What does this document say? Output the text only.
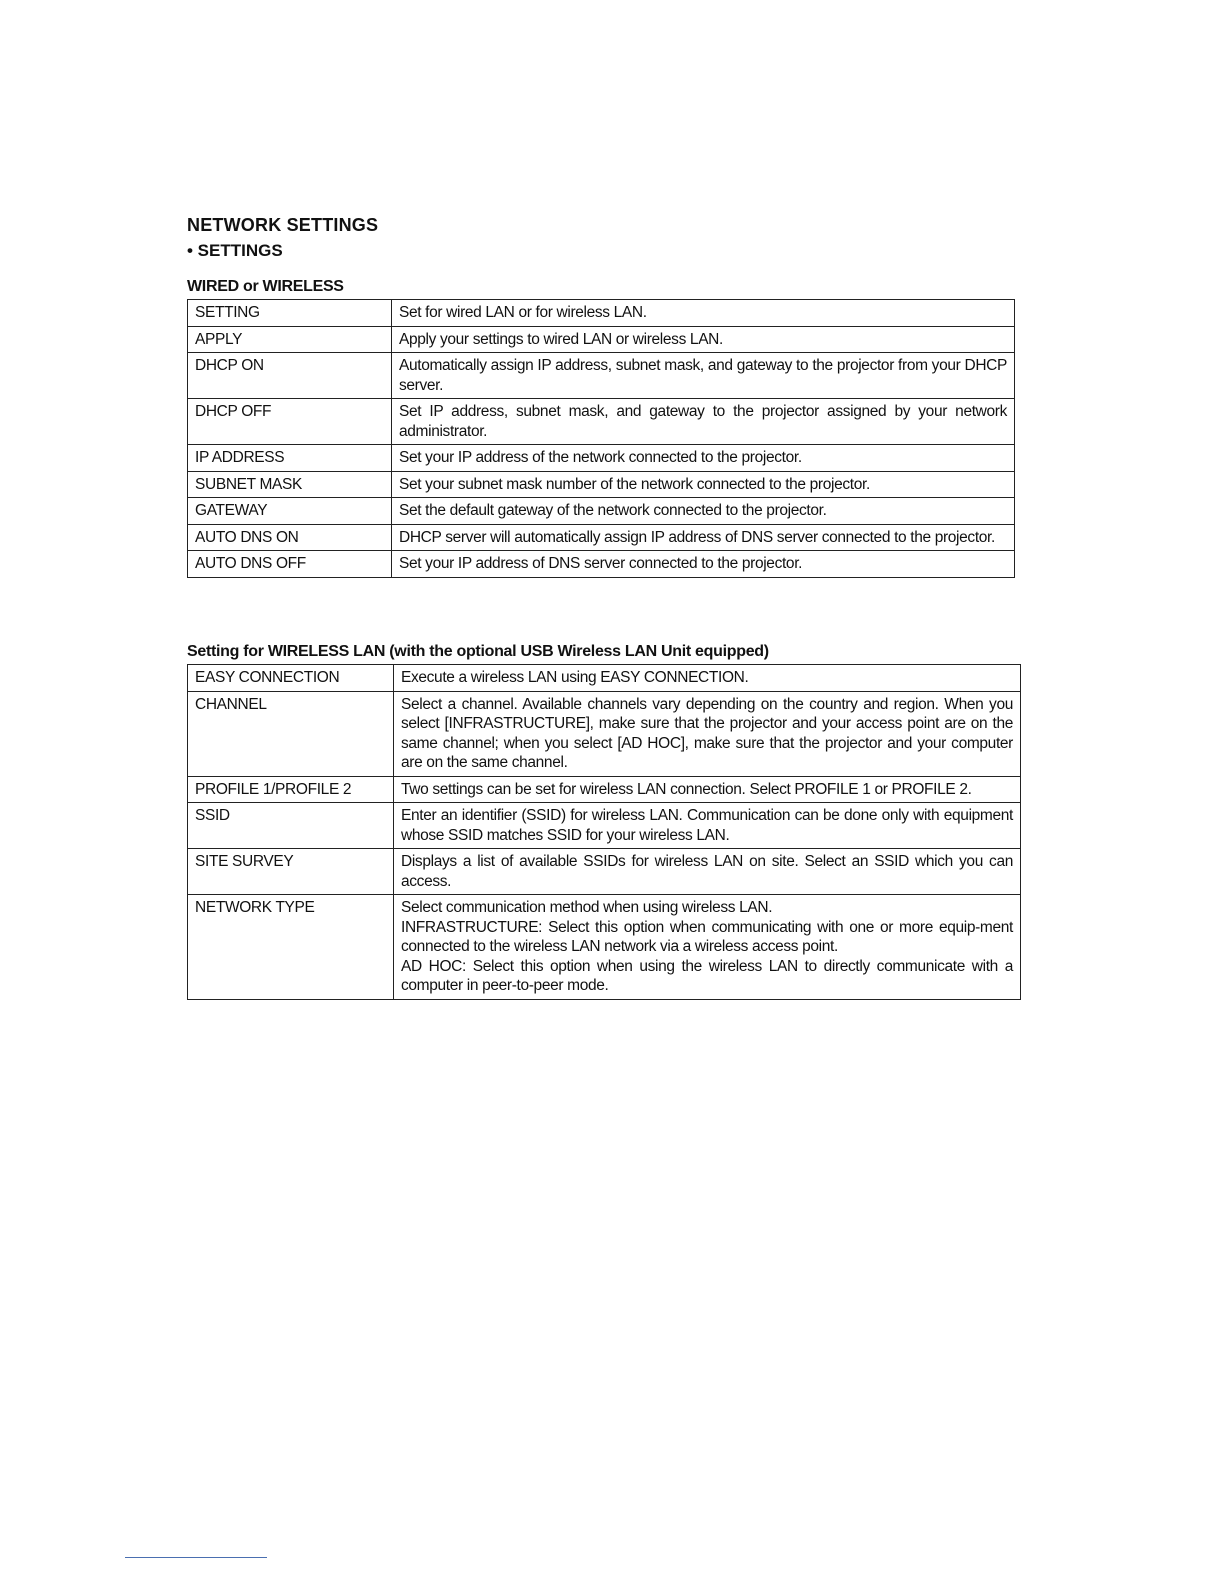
NETWORK SETTINGS
• SETTINGS
WIRED or WIRELESS
SETTING	Set for wired LAN or for wireless LAN.
APPLY	Apply your settings to wired LAN or wireless LAN.
DHCP ON	Automatically assign IP address, subnet mask, and gateway to the projector from your DHCP server.
DHCP OFF	Set IP address, subnet mask, and gateway to the projector assigned by your network administrator.
IP ADDRESS	Set your IP address of the network connected to the projector.
SUBNET MASK	Set your subnet mask number of the network connected to the projector.
GATEWAY	Set the default gateway of the network connected to the projector.
AUTO DNS ON	DHCP server will automatically assign IP address of DNS server connected to the projector.
AUTO DNS OFF	Set your IP address of DNS server connected to the projector.
Setting for WIRELESS LAN (with the optional USB Wireless LAN Unit equipped)
EASY CONNECTION	Execute a wireless LAN using EASY CONNECTION.
CHANNEL	Select a channel. Available channels vary depending on the country and region. When you select [INFRASTRUCTURE], make sure that the projector and your access point are on the same channel; when you select [AD HOC], make sure that the projector and your computer are on the same channel.
PROFILE 1/PROFILE 2	Two settings can be set for wireless LAN connection. Select PROFILE 1 or PROFILE 2.
SSID	Enter an identifier (SSID) for wireless LAN. Communication can be done only with equipment whose SSID matches SSID for your wireless LAN.
SITE SURVEY	Displays a list of available SSIDs for wireless LAN on site. Select an SSID which you can access.
NETWORK TYPE	Select communication method when using wireless LAN.
INFRASTRUCTURE: Select this option when communicating with one or more equip-ment connected to the wireless LAN network via a wireless access point.
AD HOC: Select this option when using the wireless LAN to directly communicate with a computer in peer-to-peer mode.
